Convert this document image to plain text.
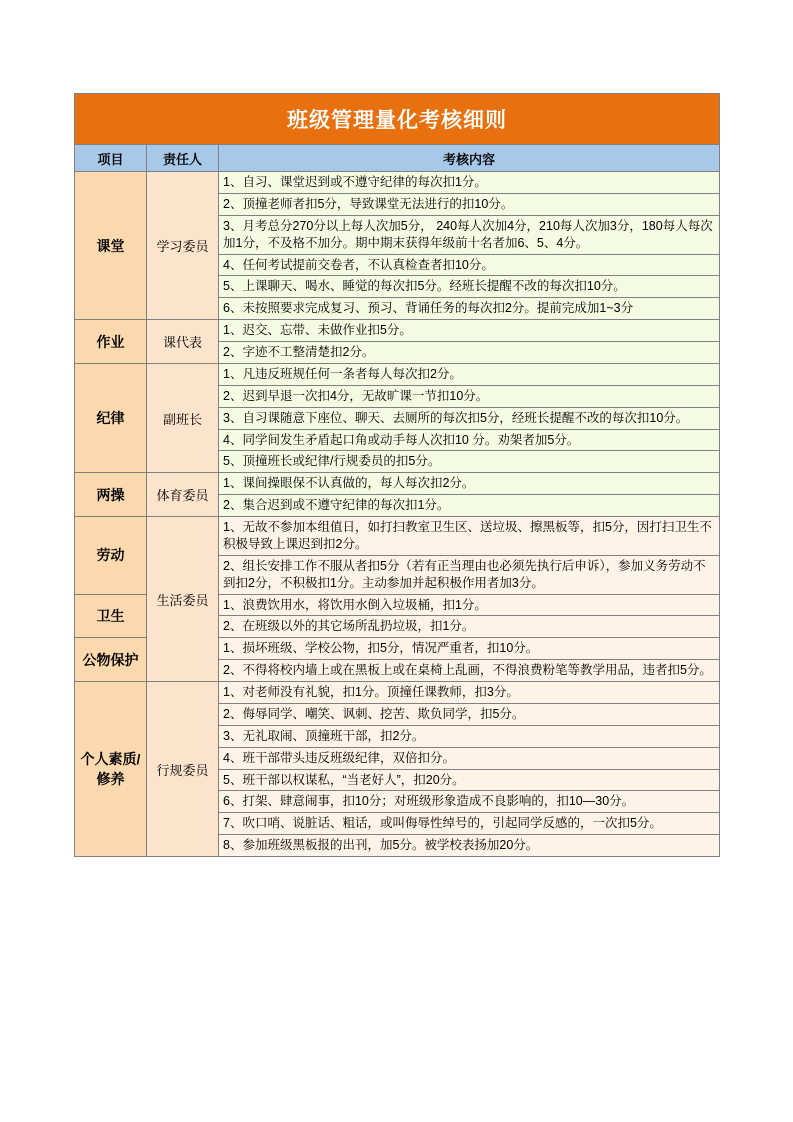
班级管理量化考核细则		
项目	责任人	考核内容
课堂	学习委员	1、自习、课堂迟到或不遵守纪律的每次扣1分。
		2、顶撞老师者扣5分，导致课堂无法进行的扣10分。
		3、月考总分270分以上每人次加5分， 240每人次加4分，210每人次加3分，180每人每次加1分，不及格不加分。期中期末获得年级前十名者加6、5、4分。
		4、任何考试提前交卷者，不认真检查者扣10分。
		5、上课聊天、喝水、睡觉的每次扣5分。经班长提醒不改的每次扣10分。
		6、未按照要求完成复习、预习、背诵任务的每次扣2分。提前完成加1~3分
作业	课代表	1、迟交、忘带、未做作业扣5分。
		2、字迹不工整清楚扣2分。
纪律	副班长	1、凡违反班规任何一条者每人每次扣2分。
		2、迟到早退一次扣4分，无故旷课一节扣10分。
		3、自习课随意下座位、聊天、去厕所的每次扣5分，经班长提醒不改的每次扣10分。
		4、同学间发生矛盾起口角或动手每人次扣10 分。劝架者加5分。
		5、顶撞班长或纪律/行规委员的扣5分。
两操	体育委员	1、课间操眼保不认真做的，每人每次扣2分。
		2、集合迟到或不遵守纪律的每次扣1分。
劳动	生活委员	1、无故不参加本组值日，如打扫教室卫生区、送垃圾、擦黑板等，扣5分，因打扫卫生不积极导致上课迟到扣2分。
		2、组长安排工作不服从者扣5分（若有正当理由也必须先执行后申诉），参加义务劳动不到扣2分，不积极扣1分。主动参加并起积极作用者加3分。
卫生		1、浪费饮用水，将饮用水倒入垃圾桶，扣1分。
		2、在班级以外的其它场所乱扔垃圾，扣1分。
公物保护		1、损坏班级、学校公物，扣5分，情况严重者，扣10分。
		2、不得将校内墙上或在黑板上或在桌椅上乱画，不得浪费粉笔等教学用品，违者扣5分。
个人素质/修养	行规委员	1、对老师没有礼貌，扣1分。顶撞任课教师，扣3分。
		2、侮辱同学、嘲笑、讽刺、挖苦、欺负同学，扣5分。
		3、无礼取闹、顶撞班干部，扣2分。
		4、班干部带头违反班级纪律，双倍扣分。
		5、班干部以权谋私，“当老好人”，扣20分。
		6、打架、肆意闹事，扣10分；对班级形象造成不良影响的，扣10—30分。
		7、吹口哨、说脏话、粗话，或叫侮辱性绰号的，引起同学反感的，一次扣5分。
		8、参加班级黑板报的出刊，加5分。被学校表扬加20分。
